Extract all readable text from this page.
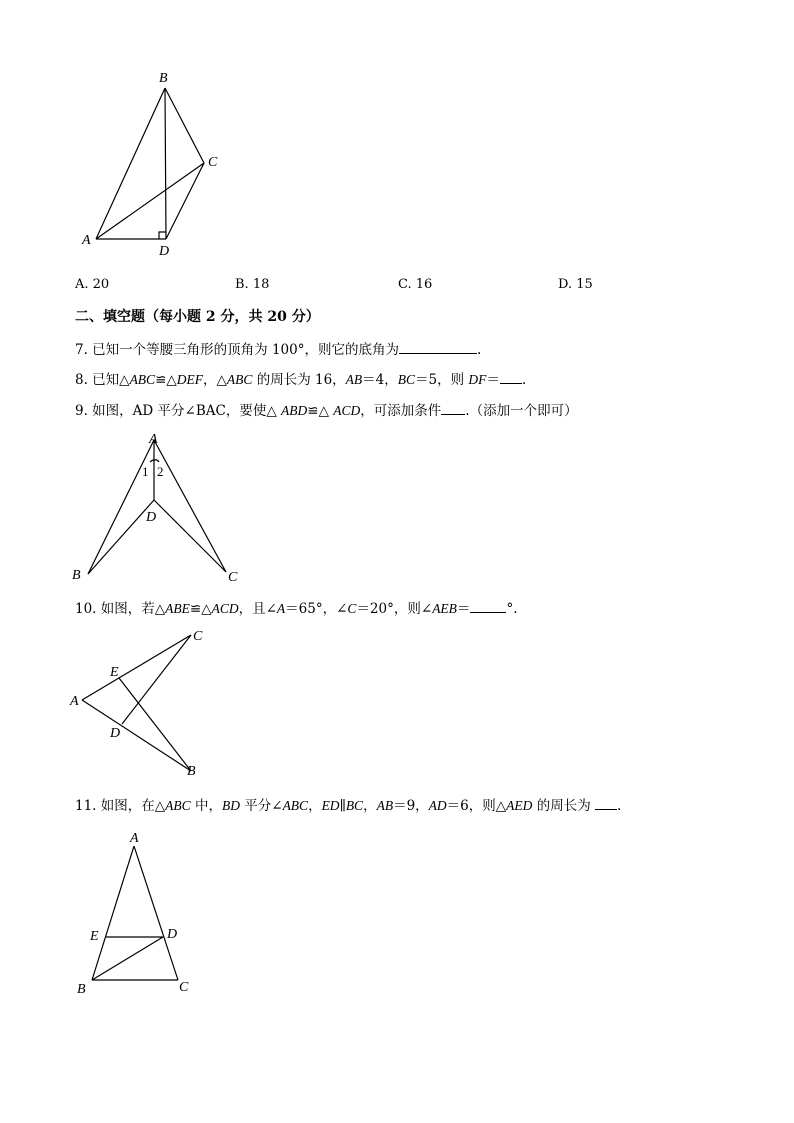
B
C
A
D
A. 20	B. 18	C. 16	D. 15
二、填空题（每小题 2 分，共 20 分）
7. 已知一个等腰三角形的顶角为 100°，则它的底角为	.
8. 已知△ABC≌△DEF，△ABC 的周长为 16，AB＝4，BC＝5，则 DF＝ .
9. 如图，AD 平分∠BAC，要使△ ABD≌△ ACD，可添加条件 .（添加一个即可）
A
1 2
D
B	C
10. 如图，若△ABE≌△ACD，且∠A＝65°，∠C＝20°，则∠AEB＝	°.
C
E
A
D
B
11. 如图，在△ABC 中，BD 平分∠ABC，ED∥BC，AB＝9，AD＝6，则△AED 的周长为 .
A
E	D
B	C
